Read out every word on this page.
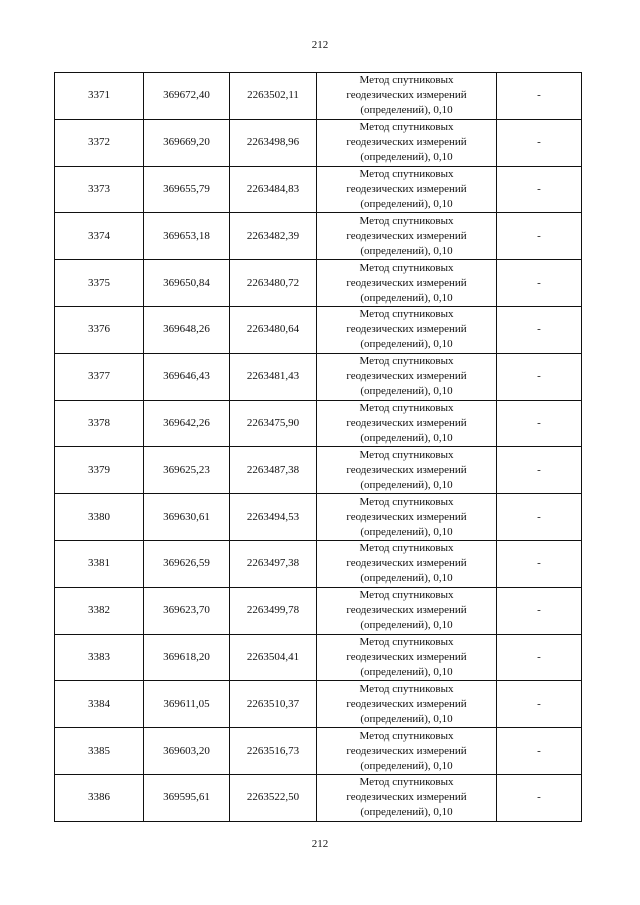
212
3371	369672,40	2263502,11	Метод спутниковых
геодезических измерений
(определений), 0,10	-
3372	369669,20	2263498,96	Метод спутниковых
геодезических измерений
(определений), 0,10	-
3373	369655,79	2263484,83	Метод спутниковых
геодезических измерений
(определений), 0,10	-
3374	369653,18	2263482,39	Метод спутниковых
геодезических измерений
(определений), 0,10	-
3375	369650,84	2263480,72	Метод спутниковых
геодезических измерений
(определений), 0,10	-
3376	369648,26	2263480,64	Метод спутниковых
геодезических измерений
(определений), 0,10	-
3377	369646,43	2263481,43	Метод спутниковых
геодезических измерений
(определений), 0,10	-
3378	369642,26	2263475,90	Метод спутниковых
геодезических измерений
(определений), 0,10	-
3379	369625,23	2263487,38	Метод спутниковых
геодезических измерений
(определений), 0,10	-
3380	369630,61	2263494,53	Метод спутниковых
геодезических измерений
(определений), 0,10	-
3381	369626,59	2263497,38	Метод спутниковых
геодезических измерений
(определений), 0,10	-
3382	369623,70	2263499,78	Метод спутниковых
геодезических измерений
(определений), 0,10	-
3383	369618,20	2263504,41	Метод спутниковых
геодезических измерений
(определений), 0,10	-
3384	369611,05	2263510,37	Метод спутниковых
геодезических измерений
(определений), 0,10	-
3385	369603,20	2263516,73	Метод спутниковых
геодезических измерений
(определений), 0,10	-
3386	369595,61	2263522,50	Метод спутниковых
геодезических измерений
(определений), 0,10	-
212
